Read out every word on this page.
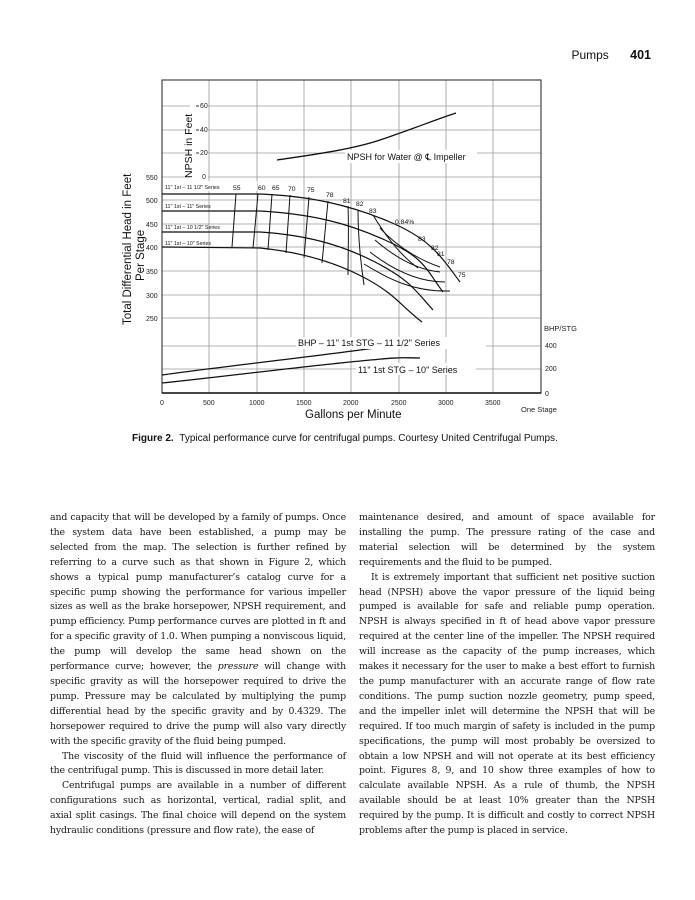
Pumps 401
60
40
20
0
NPSH in Feet	NPSH for Water @ ℄ Impeller
550
500
450
400
350
300
250
Total Differential Head in Feet Per Stage
11" 1st – 11 1/2" Series
11" 1st – 11" Series
11" 1st – 10 1/2" Series
11" 1st – 10" Series
55	60 65 70 75
78
81 82
83
0.84%
83
82
81
78
75
BHP – 11" 1st STG – 11 1/2" Series
11" 1st STG – 10" Series
BHP/STG
400
200
0
One Stage
0	500	1000	1500	2000	2500	3000	3500
Gallons per Minute
Figure 2. Typical performance curve for centrifugal pumps. Courtesy United Centrifugal Pumps.

and capacity that will be developed by a family of pumps. Once the system data have been established, a pump may be selected from the map. The selection is further refined by referring to a curve such as that shown in Figure 2, which shows a typical pump manufacturer’s catalog curve for a specific pump showing the performance for various impeller sizes as well as the brake horsepower, NPSH requirement, and pump efficiency. Pump performance curves are plotted in ft and for a specific gravity of 1.0. When pumping a nonviscous liquid, the pump will develop the same head shown on the performance curve; however, the pressure will change with specific gravity as will the horsepower required to drive the pump. Pressure may be calculated by multiplying the pump differential head by the specific gravity and by 0.4329. The horsepower required to drive the pump will also vary directly with the specific gravity of the fluid being pumped.

The viscosity of the fluid will influence the performance of the centrifugal pump. This is discussed in more detail later.

Centrifugal pumps are available in a number of different configurations such as horizontal, vertical, radial split, and axial split casings. The final choice will depend on the system hydraulic conditions (pressure and flow rate), the ease of

maintenance desired, and amount of space available for installing the pump. The pressure rating of the case and material selection will be determined by the system requirements and the fluid to be pumped.

It is extremely important that sufficient net positive suction head (NPSH) above the vapor pressure of the liquid being pumped is available for safe and reliable pump operation. NPSH is always specified in ft of head above vapor pressure required at the center line of the impeller. The NPSH required will increase as the capacity of the pump increases, which makes it necessary for the user to make a best effort to furnish the pump manufacturer with an accurate range of flow rate conditions. The pump suction nozzle geometry, pump speed, and the impeller inlet will determine the NPSH that will be required. If too much margin of safety is included in the pump specifications, the pump will most probably be oversized to obtain a low NPSH and will not operate at its best efficiency point. Figures 8, 9, and 10 show three examples of how to calculate available NPSH. As a rule of thumb, the NPSH available should be at least 10% greater than the NPSH required by the pump. It is difficult and costly to correct NPSH problems after the pump is placed in service.
